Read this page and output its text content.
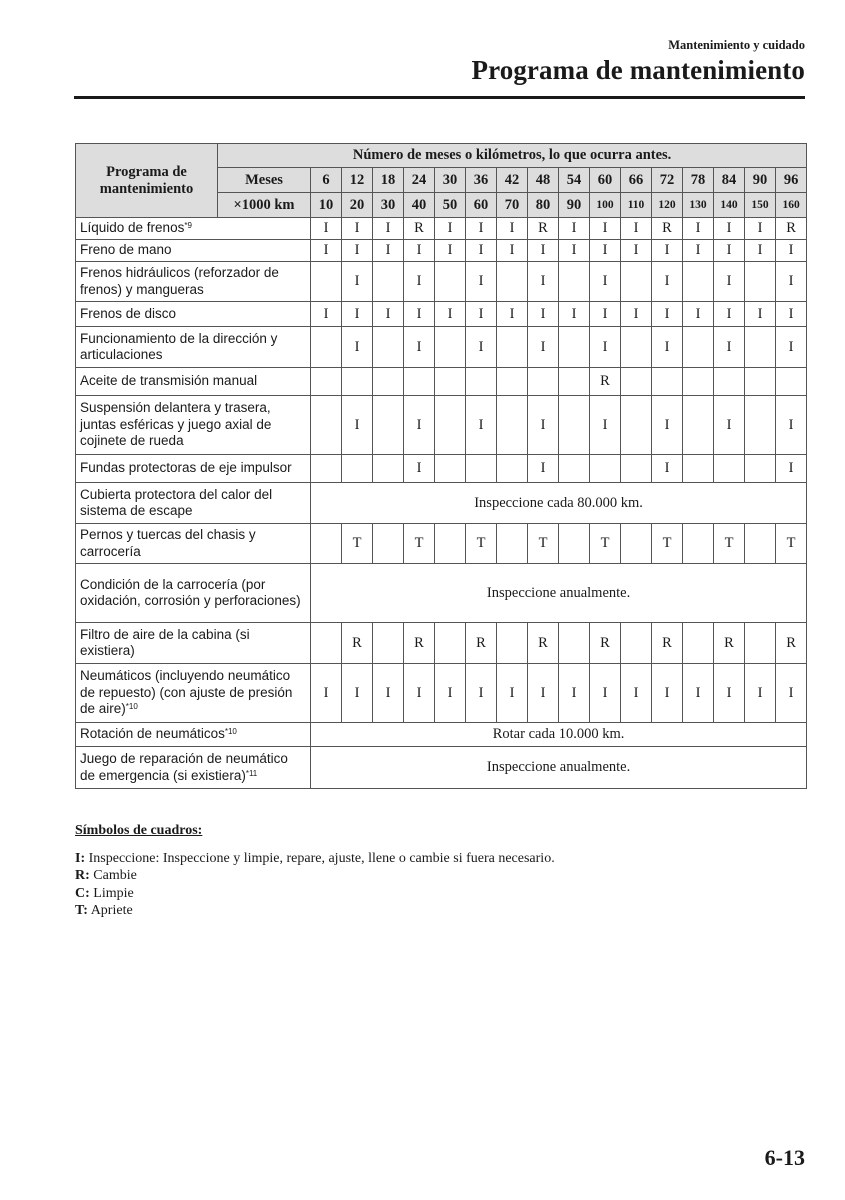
Mantenimiento y cuidado
Programa de mantenimiento
Programa de mantenimiento	Número de meses o kilómetros, lo que ocurra antes.																
	Meses	6	12	18	24	30	36	42	48	54	60	66	72	78	84	90	96
	×1000 km	10	20	30	40	50	60	70	80	90	100	110	120	130	140	150	160
Líquido de frenos$^{*9}$		I	I	I	R	I	I	I	R	I	I	I	R	I	I	I	R
Freno de mano		I	I	I	I	I	I	I	I	I	I	I	I	I	I	I	I
Frenos hidráulicos (reforzador de frenos) y mangueras			I		I		I		I		I		I		I		I
Frenos de disco		I	I	I	I	I	I	I	I	I	I	I	I	I	I	I	I
Funcionamiento de la dirección y articulaciones			I		I		I		I		I		I		I		I
Aceite de transmisión manual											R						
Suspensión delantera y trasera, juntas esféricas y juego axial de cojinete de rueda			I		I		I		I		I		I		I		I
Fundas protectoras de eje impulsor					I				I				I				I
Cubierta protectora del calor del sistema de escape		Inspeccione cada 80.000 km.															
Pernos y tuercas del chasis y carrocería			T		T		T		T		T		T		T		T
Condición de la carrocería (por oxidación, corrosión y perforaciones)		Inspeccione anualmente.															
Filtro de aire de la cabina (si existiera)			R		R		R		R		R		R		R		R
Neumáticos (incluyendo neumático de repuesto) (con ajuste de presión de aire)$^{*10}$		I	I	I	I	I	I	I	I	I	I	I	I	I	I	I	I
Rotación de neumáticos$^{*10}$		Rotar cada 10.000 km.															
Juego de reparación de neumático de emergencia (si existiera)$^{*11}$		Inspeccione anualmente.															
Símbolos de cuadros:
I: Inspeccione: Inspeccione y limpie, repare, ajuste, llene o cambie si fuera necesario.
R: Cambie
C: Limpie
T: Apriete
6-13
